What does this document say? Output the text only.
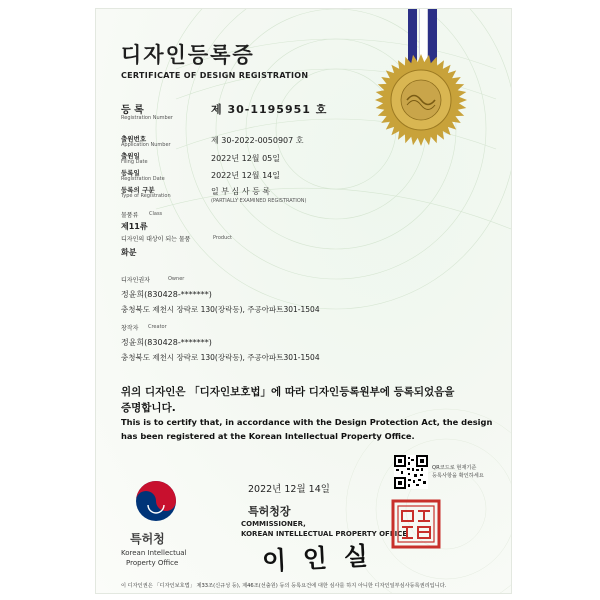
디자인등록증
CERTIFICATE OF DESIGN REGISTRATION
등 록
Registration Number
제 30-1195951 호
출원번호
Application Number	제 30-2022-0050907 호
출원일
Filing Date	2022년 12월 05일
등록일
Registration Date	2022년 12월 14일
등록의 구분
Type of Registration	일 부 심 사 등 록
(PARTIALLY EXAMINED REGISTRATION)
물품류 Class
제11류
디자인의 대상이 되는 물품	Product
화분
디자인권자	Owner
정윤희(830428-*******)
충청북도 제천시 장락로 130(장락동), 주공아파트301-1504
창작자 Creator
정윤희(830428-*******)
충청북도 제천시 장락로 130(장락동), 주공아파트301-1504
위의 디자인은 「디자인보호법」에 따라 디자인등록원부에 등록되었음을
증명합니다.
This is to certify that, in accordance with the Design Protection Act, the design
has been registered at the Korean Intellectual Property Office.
2022년 12월 14일
QR코드로 현재기준
등록사항을 확인하세요
특허청
Korean Intellectual
Property Office
특허청장
COMMISSIONER,
KOREAN INTELLECTUAL PROPERTY OFFICE
이 인 실
이 디자인권은 「디자인보호법」 제33조(신규성 등), 제46조(선출원) 등의 등록요건에 대한 심사를 하지 아니한 디자인일부심사등록권리입니다.
